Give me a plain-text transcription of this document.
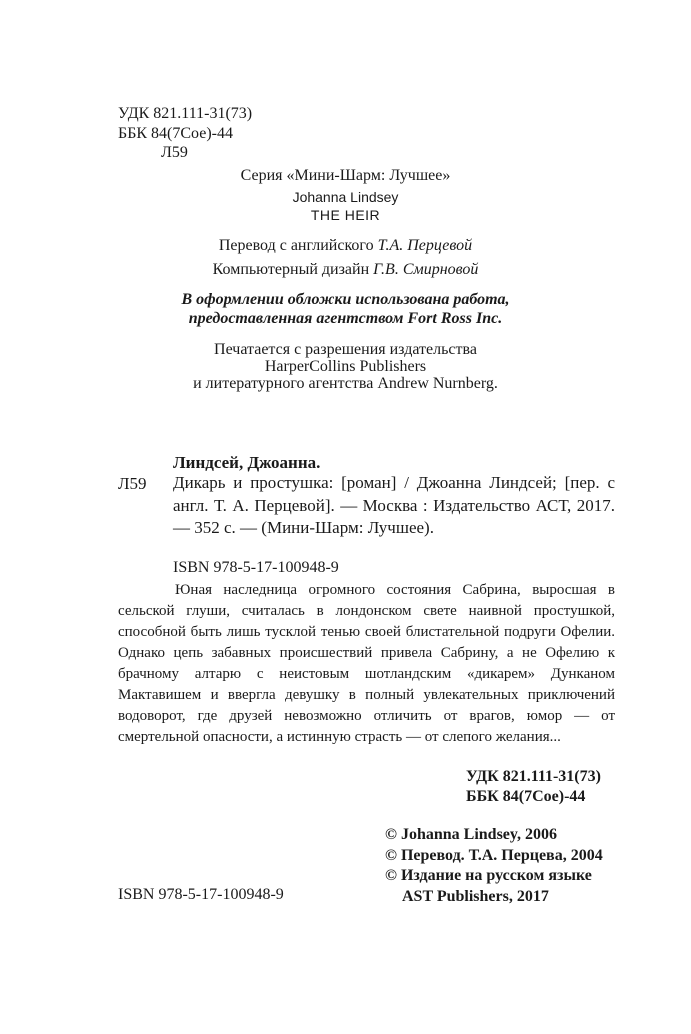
УДК 821.111-31(73)
ББК 84(7Сое)-44
Л59
Серия «Мини-Шарм: Лучшее»
Johanna Lindsey
THE HEIR
Перевод с английского Т.А. Перцевой
Компьютерный дизайн Г.В. Смирновой
В оформлении обложки использована работа,
предоставленная агентством Fort Ross Inc.
Печатается с разрешения издательства
HarperCollins Publishers
и литературного агентства Andrew Nurnberg.
Линдсей, Джоанна.
Л59 Дикарь и простушка: [роман] / Джоанна Линдсей; [пер. с англ. Т. А. Перцевой]. — Москва : Издательство АСТ, 2017. — 352 с. — (Мини-Шарм: Лучшее).
ISBN 978-5-17-100948-9
Юная наследница огромного состояния Сабрина, выросшая в сельской глуши, считалась в лондонском свете наивной простушкой, способной быть лишь тусклой тенью своей блистательной подруги Офелии. Однако цепь забавных происшествий привела Сабрину, а не Офелию к брачному алтарю с неистовым шотландским «дикарем» Дунканом Мактавишем и ввергла девушку в полный увлекательных приключений водоворот, где друзей невозможно отличить от врагов, юмор — от смертельной опасности, а истинную страсть — от слепого желания...
УДК 821.111-31(73)
ББК 84(7Сое)-44
© Johanna Lindsey, 2006
© Перевод. Т.А. Перцева, 2004
© Издание на русском языке
AST Publishers, 2017
ISBN 978-5-17-100948-9
